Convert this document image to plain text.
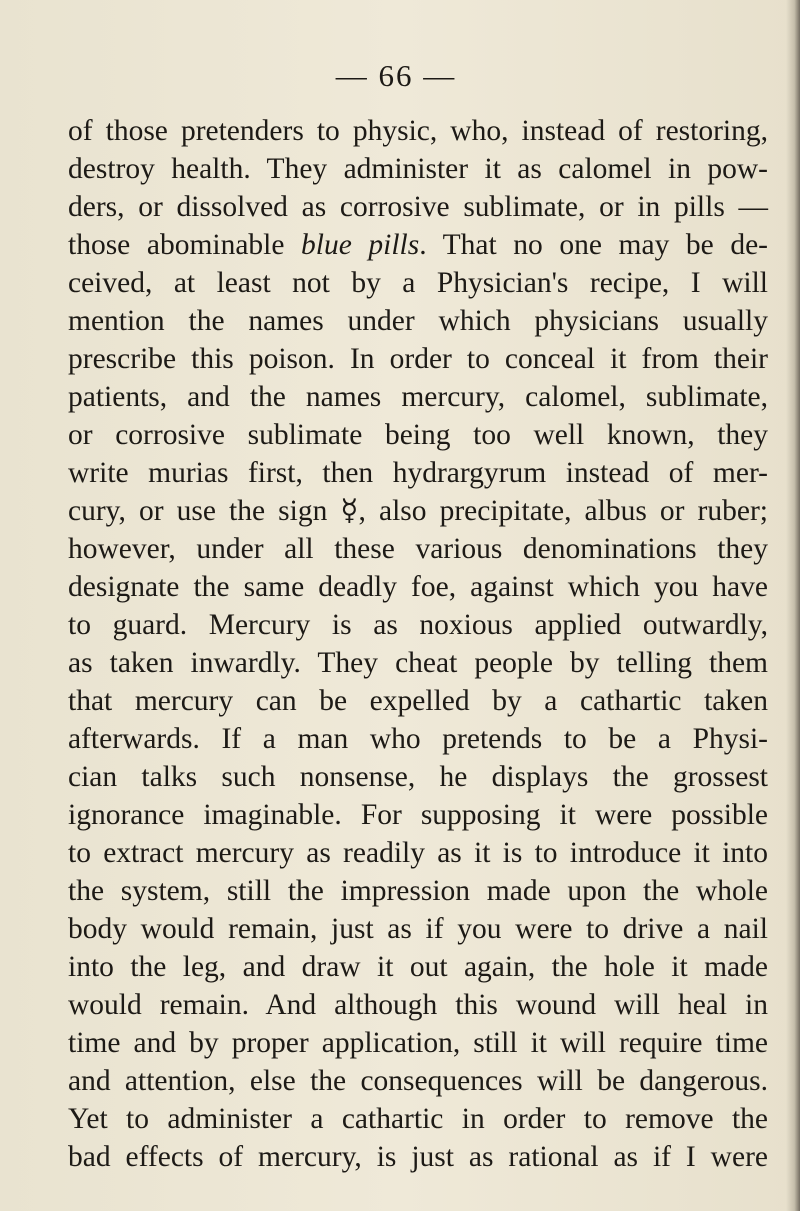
— 66 —
of those pretenders to physic, who, instead of restoring,
destroy health. They administer it as calomel in pow-
ders, or dissolved as corrosive sublimate, or in pills —
those abominable blue pills. That no one may be de-
ceived, at least not by a Physician's recipe, I will
mention the names under which physicians usually
prescribe this poison. In order to conceal it from their
patients, and the names mercury, calomel, sublimate,
or corrosive sublimate being too well known, they
write murias first, then hydrargyrum instead of mer-
cury, or use the sign ☿, also precipitate, albus or ruber;
however, under all these various denominations they
designate the same deadly foe, against which you have
to guard. Mercury is as noxious applied outwardly,
as taken inwardly. They cheat people by telling them
that mercury can be expelled by a cathartic taken
afterwards. If a man who pretends to be a Physi-
cian talks such nonsense, he displays the grossest
ignorance imaginable. For supposing it were possible
to extract mercury as readily as it is to introduce it into
the system, still the impression made upon the whole
body would remain, just as if you were to drive a nail
into the leg, and draw it out again, the hole it made
would remain. And although this wound will heal in
time and by proper application, still it will require time
and attention, else the consequences will be dangerous.
Yet to administer a cathartic in order to remove the
bad effects of mercury, is just as rational as if I were
